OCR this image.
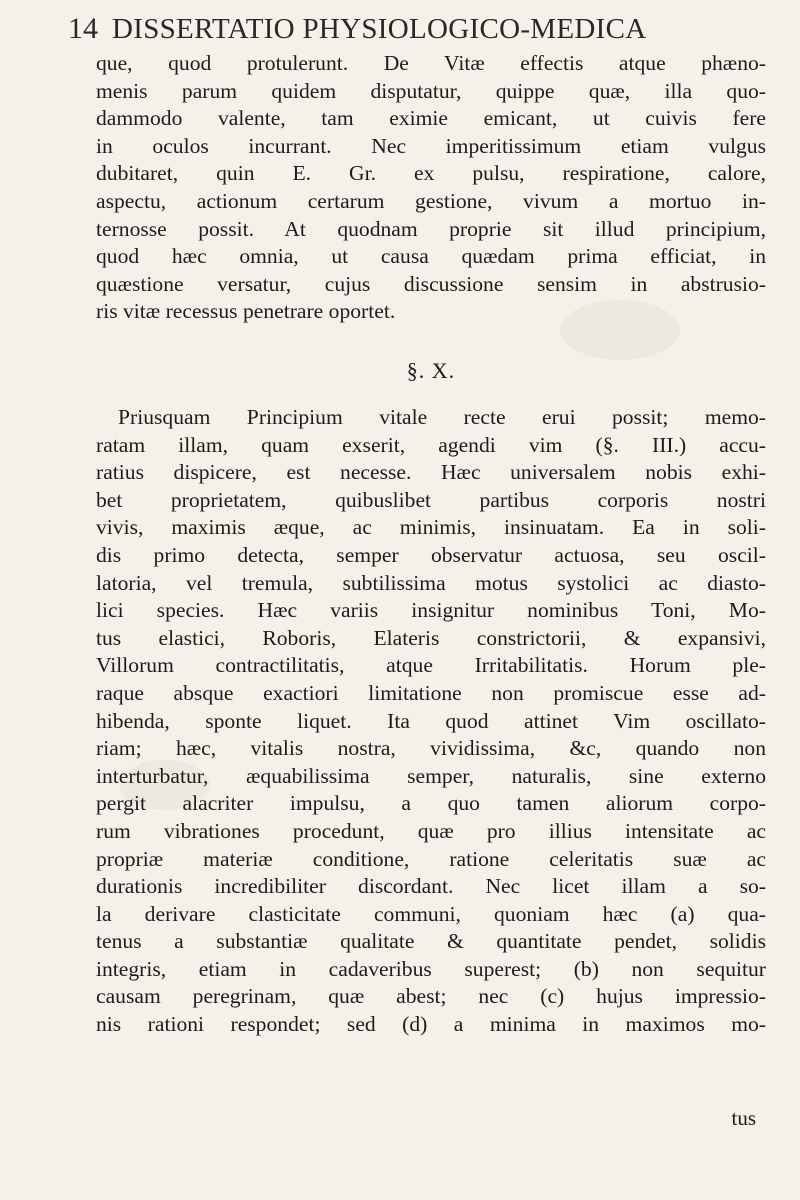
14 DISSERTATIO PHYSIOLOGICO-MEDICA
que, quod protulerunt. De Vitæ effectis atque phæno-
menis parum quidem disputatur, quippe quæ, illa quo-
dammodo valente, tam eximie emicant, ut cuivis fere
in oculos incurrant. Nec imperitissimum etiam vulgus
dubitaret, quin E. Gr. ex pulsu, respiratione, calore,
aspectu, actionum certarum gestione, vivum a mortuo in-
ternosse possit. At quodnam proprie sit illud principium,
quod hæc omnia, ut causa quædam prima efficiat, in
quæstione versatur, cujus discussione sensim in abstrusio-
ris vitæ recessus penetrare oportet.
§. X.
Priusquam Principium vitale recte erui possit; memo-
ratam illam, quam exserit, agendi vim (§. III.) accu-
ratius dispicere, est necesse. Hæc universalem nobis exhi-
bet proprietatem, quibuslibet partibus corporis nostri
vivis, maximis æque, ac minimis, insinuatam. Ea in soli-
dis primo detecta, semper observatur actuosa, seu oscil-
latoria, vel tremula, subtilissima motus systolici ac diasto-
lici species. Hæc variis insignitur nominibus Toni, Mo-
tus elastici, Roboris, Elateris constrictorii, & expansivi,
Villorum contractilitatis, atque Irritabilitatis. Horum ple-
raque absque exactiori limitatione non promiscue esse ad-
hibenda, sponte liquet. Ita quod attinet Vim oscillato-
riam; hæc, vitalis nostra, vividissima, &c, quando non
interturbatur, æquabilissima semper, naturalis, sine externo
pergit alacriter impulsu, a quo tamen aliorum corpo-
rum vibrationes procedunt, quæ pro illius intensitate ac
propriæ materiæ conditione, ratione celeritatis suæ ac
durationis incredibiliter discordant. Nec licet illam a so-
la derivare clasticitate communi, quoniam hæc (a) qua-
tenus a substantiæ qualitate & quantitate pendet, solidis
integris, etiam in cadaveribus superest; (b) non sequitur
causam peregrinam, quæ abest; nec (c) hujus impressio-
nis rationi respondet; sed (d) a minima in maximos mo-
tus
